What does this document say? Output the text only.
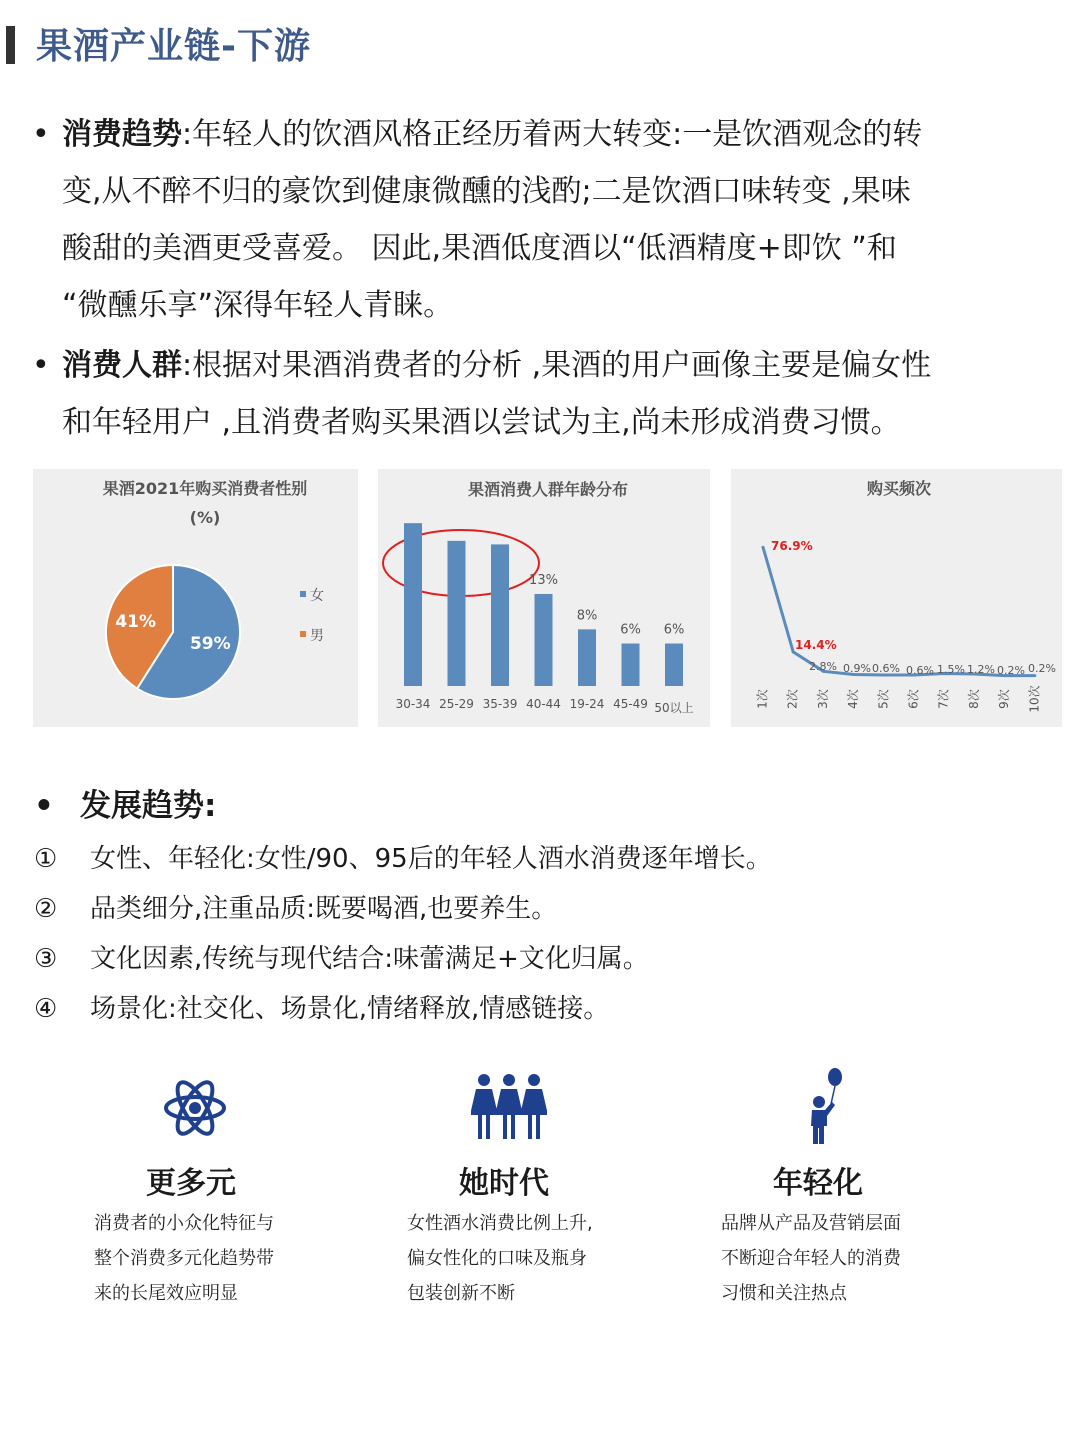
果酒产业链-下游
• 消费趋势:年轻人的饮酒风格正经历着两大转变:一是饮酒观念的转
变,从不醉不归的豪饮到健康微醺的浅酌;二是饮酒口味转变 ,果味
酸甜的美酒更受喜爱。 因此,果酒低度酒以“低酒精度+即饮 ”和
“微醺乐享”深得年轻人青睐。
• 消费人群:根据对果酒消费者的分析 ,果酒的用户画像主要是偏女性
和年轻用户 ,且消费者购买果酒以尝试为主,尚未形成消费习惯。
果酒2021年购买消费者性别
(%)
59%
41%
女
男
果酒消费人群年龄分布
30-34 25-29 35-39 40-44
13%
19-24
8%
45-49
6%
50以上
6%
购买频次
76.9%
1次
14.4%
2次
2.8%
3次
0.9%
4次
0.6%
5次
0.6%
6次
1.5%
7次
1.2%
8次
0.2%
9次
0.2%
10次
• 发展趋势:
① 女性、年轻化:女性/90、95后的年轻人酒水消费逐年增长。
② 品类细分,注重品质:既要喝酒,也要养生。
③ 文化因素,传统与现代结合:味蕾满足+文化归属。
④ 场景化:社交化、场景化,情绪释放,情感链接。
更多元
消费者的小众化特征与
整个消费多元化趋势带
来的长尾效应明显
她时代
女性酒水消费比例上升,
偏女性化的口味及瓶身
包装创新不断
年轻化
品牌从产品及营销层面
不断迎合年轻人的消费
习惯和关注热点
